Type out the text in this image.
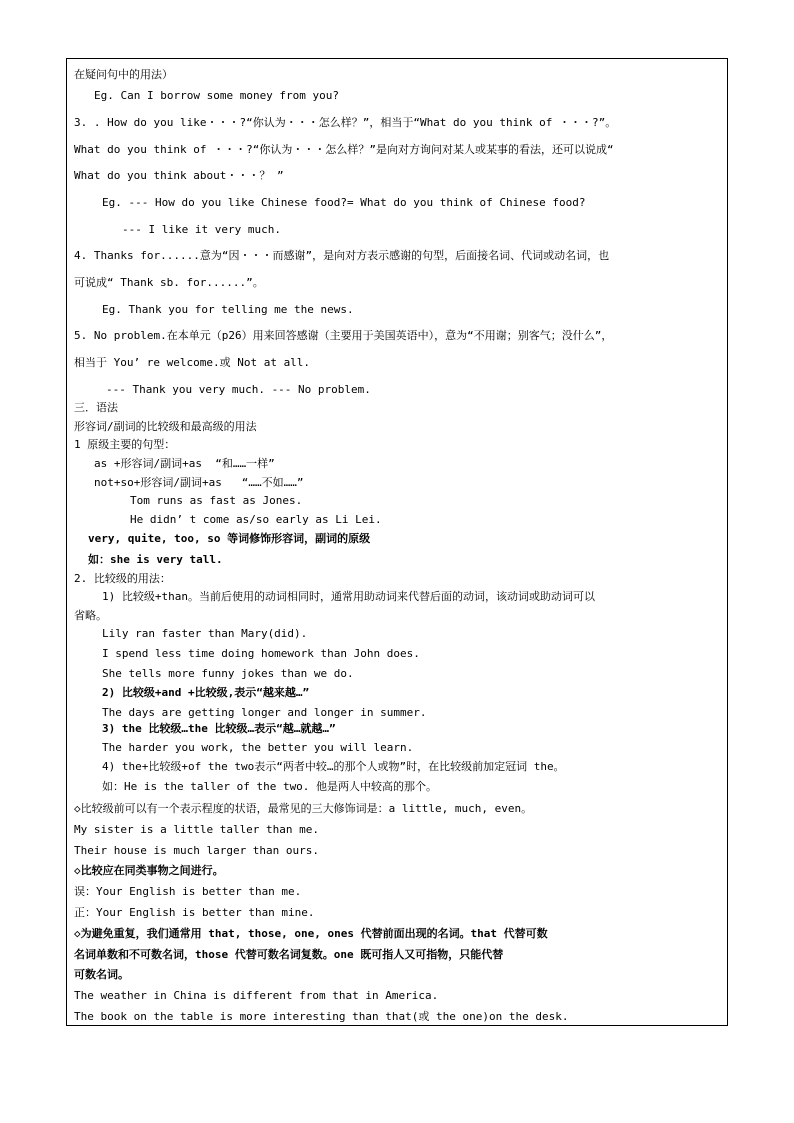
在疑问句中的用法）
Eg. Can I borrow some money from you?
3. . How do you like・・・?“你认为・・・怎么样？”，相当于“What do you think of ・・・?”。
What do you think of ・・・?“你认为・・・怎么样？”是向对方询问对某人或某事的看法，还可以说成“
What do you think about・・・？ ”
Eg. --- How do you like Chinese food?= What do you think of Chinese food?
--- I like it very much.
4. Thanks for......意为“因・・・而感谢”，是向对方表示感谢的句型，后面接名词、代词或动名词，也
可说成“ Thank sb. for......”。
Eg. Thank you for telling me the news.
5. No problem.在本单元（p26）用来回答感谢（主要用于美国英语中），意为“不用谢；别客气；没什么”，
相当于 You’ re welcome.或 Not at all.
--- Thank you very much. --- No problem.
三．语法
形容词/副词的比较级和最高级的用法
1 原级主要的句型：
as +形容词/副词+as  “和……一样”
not+so+形容词/副词+as   “……不如……”
Tom runs as fast as Jones.
He didn’ t come as/so early as Li Lei.
very, quite, too, so 等词修饰形容词，副词的原级
如：she is very tall.
2. 比较级的用法：
1) 比较级+than。当前后使用的动词相同时，通常用助动词来代替后面的动词，该动词或助动词可以
省略。
Lily ran faster than Mary(did).
I spend less time doing homework than John does.
She tells more funny jokes than we do.
2) 比较级+and +比较级,表示“越来越…”
The days are getting longer and longer in summer.
3) the 比较级…the 比较级…表示“越…就越…”
The harder you work, the better you will learn.
4) the+比较级+of the two表示“两者中较…的那个人或物”时，在比较级前加定冠词 the。
如：He is the taller of the two. 他是两人中较高的那个。
◇比较级前可以有一个表示程度的状语，最常见的三大修饰词是：a little, much, even。
My sister is a little taller than me.
Their house is much larger than ours.
◇比较应在同类事物之间进行。
误：Your English is better than me.
正：Your English is better than mine.
◇为避免重复，我们通常用 that, those, one, ones 代替前面出现的名词。that 代替可数
名词单数和不可数名词，those 代替可数名词复数。one 既可指人又可指物，只能代替
可数名词。
The weather in China is different from that in America.
The book on the table is more interesting than that(或 the one)on the desk.
